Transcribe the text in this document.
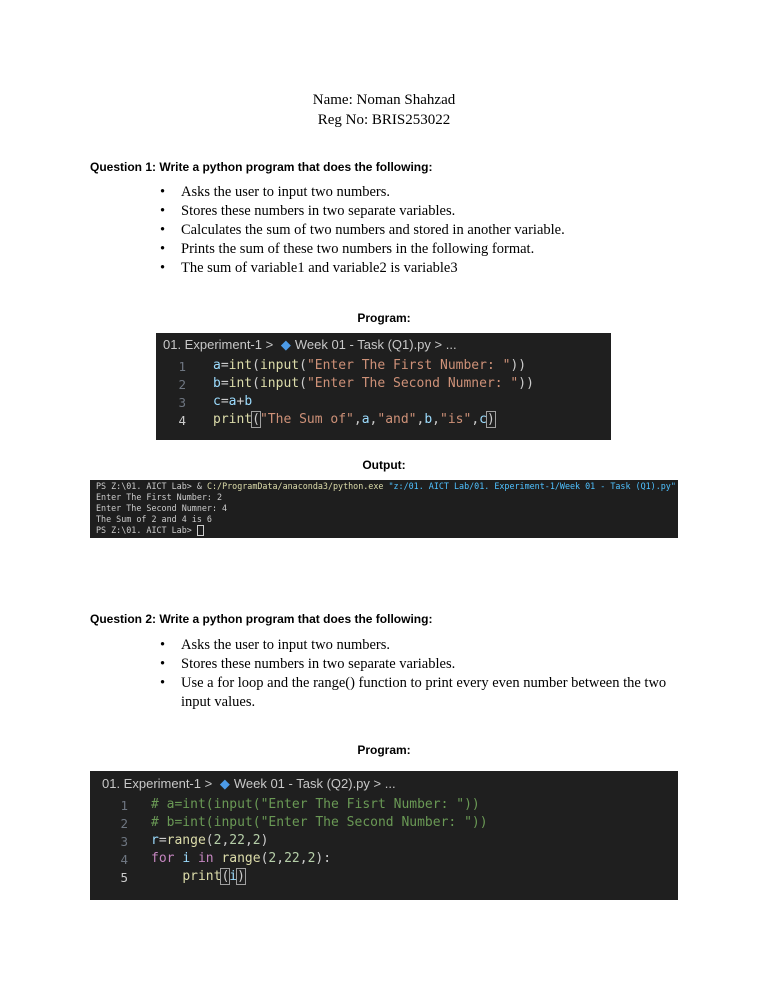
Name: Noman Shahzad
Reg No: BRIS253022
Question 1: Write a python program that does the following:
• Asks the user to input two numbers.
• Stores these numbers in two separate variables.
• Calculates the sum of two numbers and stored in another variable.
• Prints the sum of these two numbers in the following format.
• The sum of variable1 and variable2 is variable3
Program:
01. Experiment-1 > ◆ Week 01 - Task (Q1).py > ...
1
2
3
4
a=int(input("Enter The First Number: "))
b=int(input("Enter The Second Numner: "))
c=a+b
print("The Sum of",a,"and",b,"is",c)
Output:
PS Z:\01. AICT Lab> & C:/ProgramData/anaconda3/python.exe "z:/01. AICT Lab/01. Experiment-1/Week 01 - Task (Q1).py"
Enter The First Number: 2
Enter The Second Numner: 4
The Sum of 2 and 4 is 6
PS Z:\01. AICT Lab>
Question 2: Write a python program that does the following:
• Asks the user to input two numbers.
• Stores these numbers in two separate variables.
• Use a for loop and the range() function to print every even number between the two input values.
Program:
01. Experiment-1 > ◆ Week 01 - Task (Q2).py > ...
1
2
3
4
5
# a=int(input("Enter The Fisrt Number: "))
# b=int(input("Enter The Second Number: "))
r=range(2,22,2)
for i in range(2,22,2):
print(i)
